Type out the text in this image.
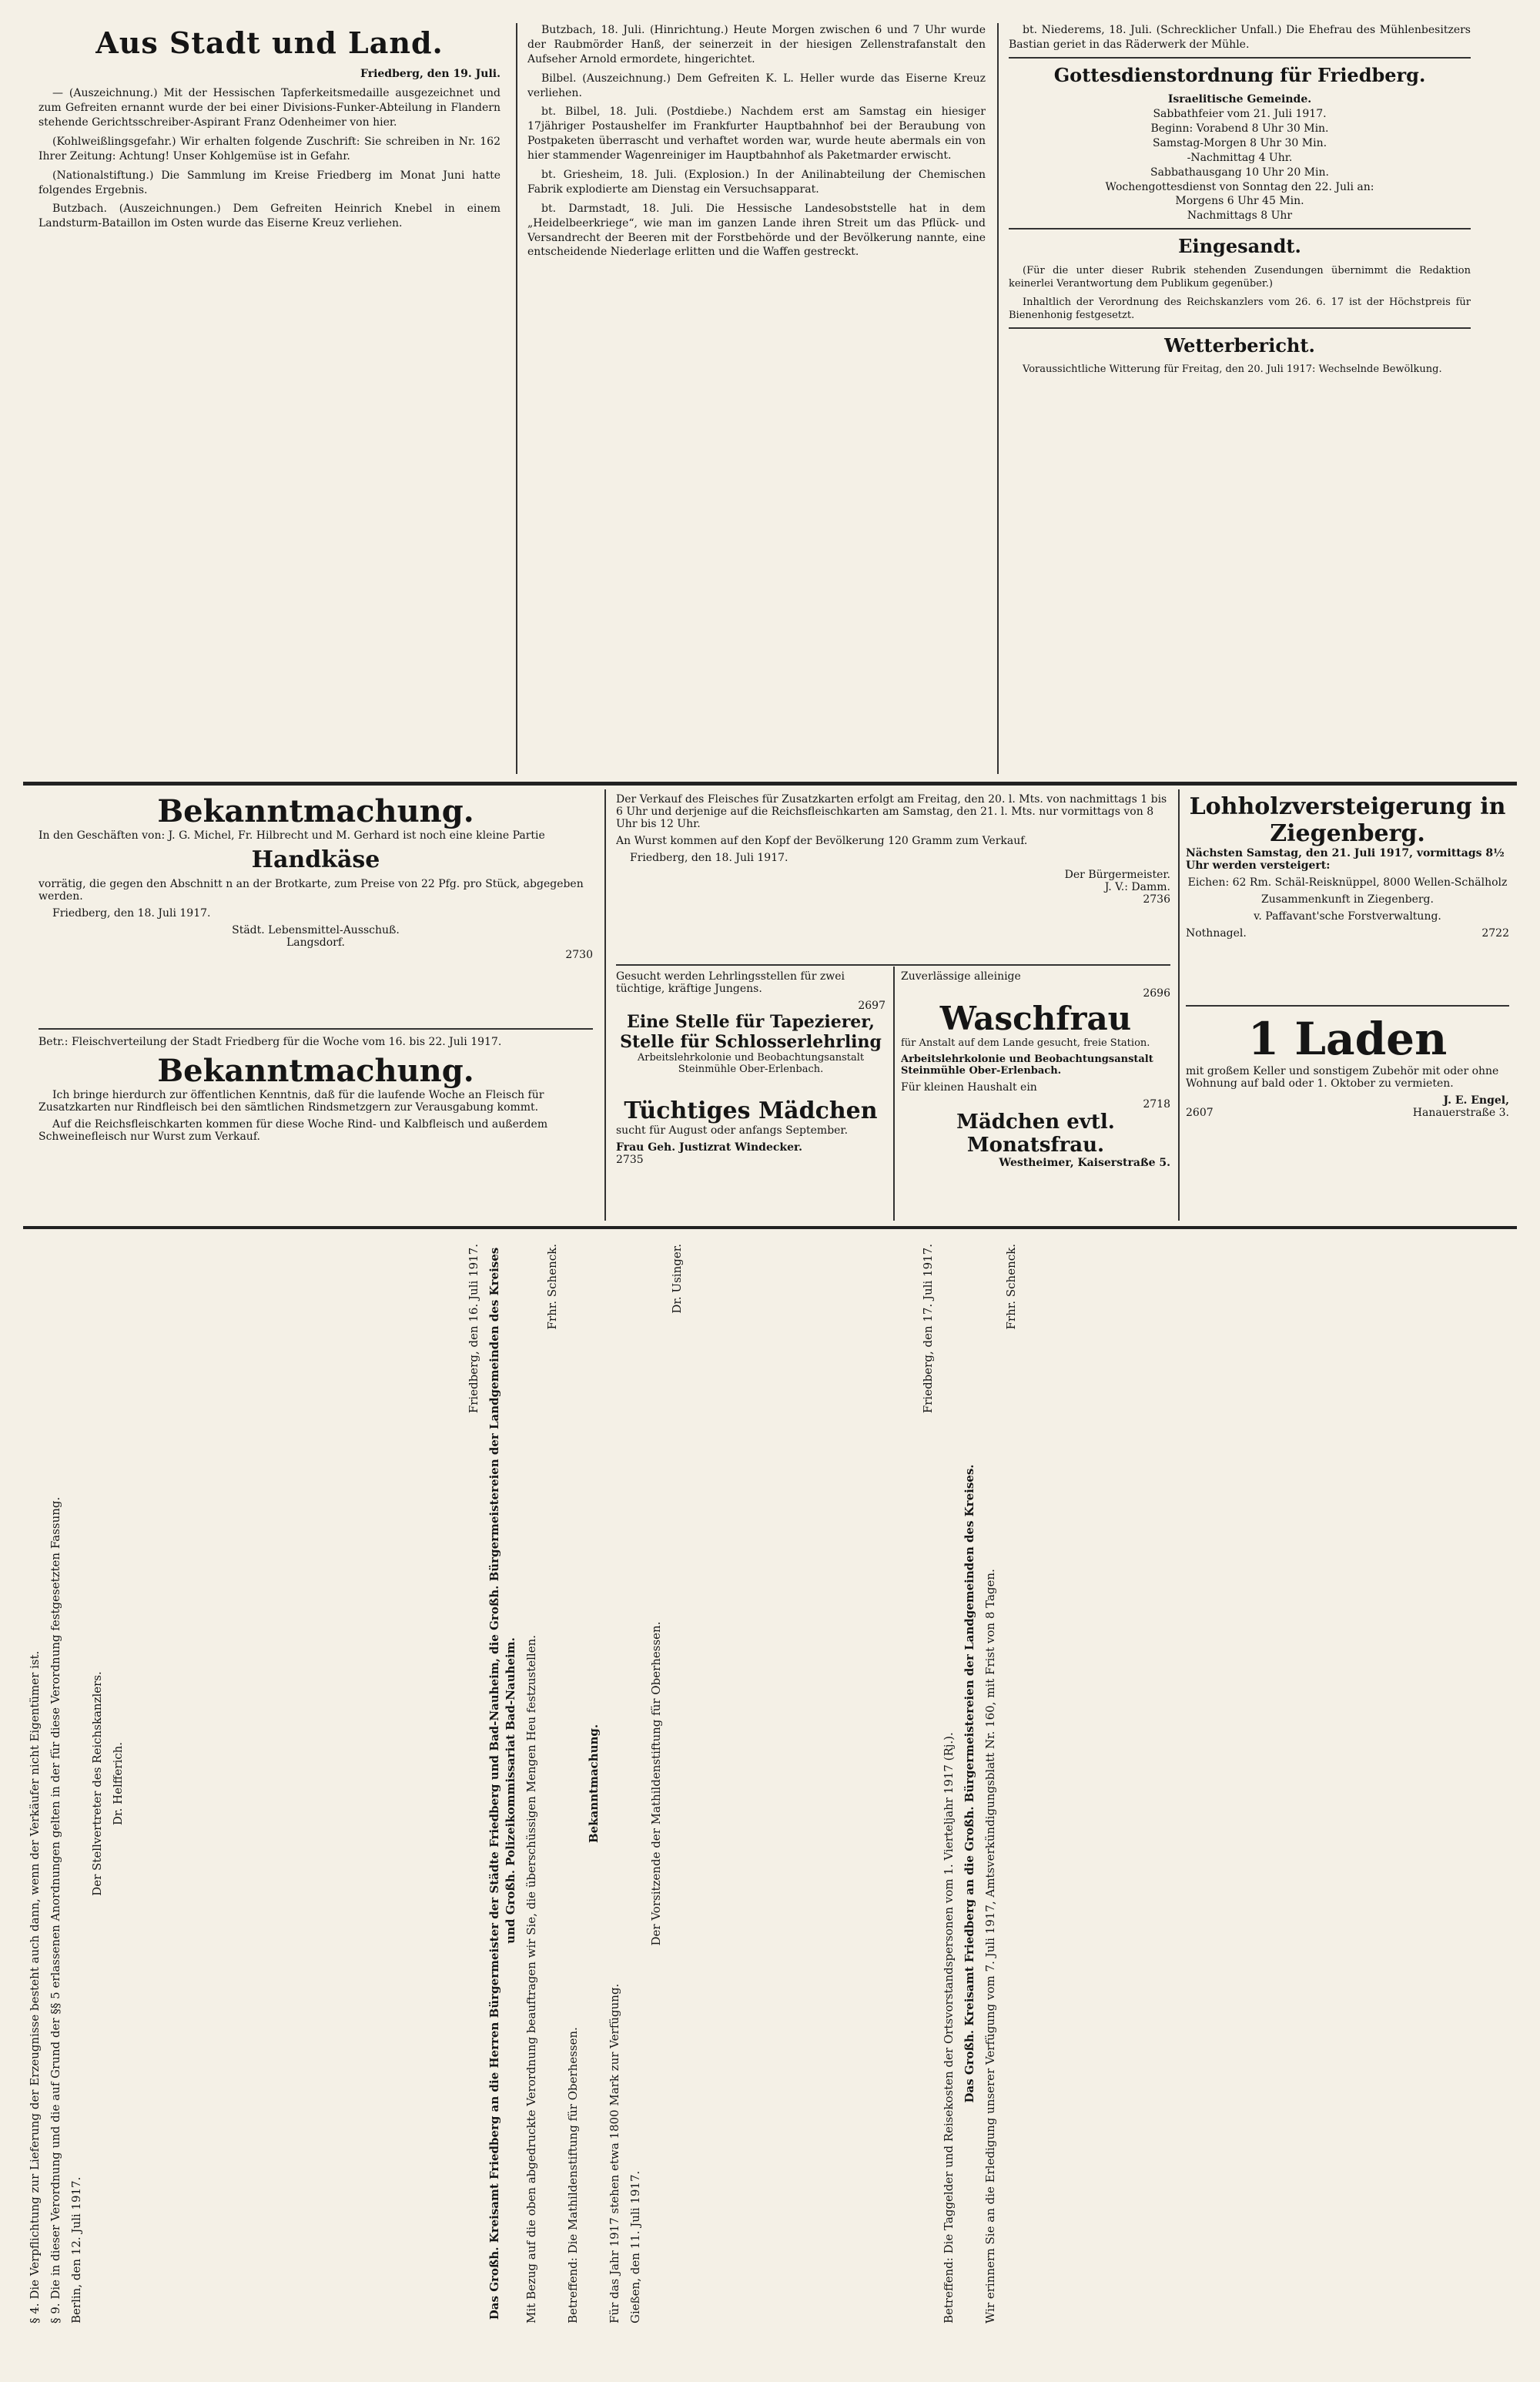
Aus Stadt und Land.

Friedberg, den 19. Juli.

— (Auszeichnung.) Mit der Hessischen Tapferkeitsmedaille ausgezeichnet und zum Gefreiten ernannt wurde der bei einer Divisions-Funker-Abteilung in Flandern stehende Gerichtsschreiber-Aspirant Franz Odenheimer von hier.

(Kohlweißlingsgefahr.) Wir erhalten folgende Zuschrift: Sie schreiben in Nr. 162 Ihrer Zeitung: Achtung! Unser Kohlgemüse ist in Gefahr.

(Nationalstiftung.) Die Sammlung im Kreise Friedberg im Monat Juni hatte folgendes Ergebnis.

Butzbach. (Auszeichnungen.) Dem Gefreiten Heinrich Knebel in einem Landsturm-Bataillon im Osten wurde das Eiserne Kreuz verliehen.

Butzbach, 18. Juli. (Hinrichtung.) Heute Morgen zwischen 6 und 7 Uhr wurde der Raubmörder Hanß, der seinerzeit in der hiesigen Zellenstrafanstalt den Aufseher Arnold ermordete, hingerichtet.

Bilbel. (Auszeichnung.) Dem Gefreiten K. L. Heller wurde das Eiserne Kreuz verliehen.

bt. Bilbel, 18. Juli. (Postdiebe.) Nachdem erst am Samstag ein hiesiger 17jähriger Postaushelfer im Frankfurter Hauptbahnhof bei der Beraubung von Postpaketen überrascht und verhaftet worden war, wurde heute abermals ein von hier stammender Wagenreiniger im Hauptbahnhof als Paketmarder erwischt.

bt. Griesheim, 18. Juli. (Explosion.) In der Anilinabteilung der Chemischen Fabrik explodierte am Dienstag ein Versuchsapparat.

bt. Darmstadt, 18. Juli. Die Hessische Landesobststelle hat in dem „Heidelbeerkriege“, wie man im ganzen Lande ihren Streit um das Pflück- und Versandrecht der Beeren mit der Forstbehörde und der Bevölkerung nannte, eine entscheidende Niederlage erlitten und die Waffen gestreckt.

bt. Niederems, 18. Juli. (Schrecklicher Unfall.) Die Ehefrau des Mühlenbesitzers Bastian geriet in das Räderwerk der Mühle.

Gottesdienstordnung für Friedberg.
Israelitische Gemeinde.
Sabbathfeier vom 21. Juli 1917.
Beginn: Vorabend 8 Uhr 30 Min.
Samstag-Morgen 8 Uhr 30 Min.
-Nachmittag 4 Uhr.
Sabbathausgang 10 Uhr 20 Min.
Wochengottesdienst von Sonntag den 22. Juli an:
Morgens 6 Uhr 45 Min.
Nachmittags 8 Uhr
Eingesandt.

(Für die unter dieser Rubrik stehenden Zusendungen übernimmt die Redaktion keinerlei Verantwortung dem Publikum gegenüber.)

Inhaltlich der Verordnung des Reichskanzlers vom 26. 6. 17 ist der Höchstpreis für Bienenhonig festgesetzt.

Wetterbericht.

Voraussichtliche Witterung für Freitag, den 20. Juli 1917: Wechselnde Bewölkung.

Bekanntmachung.

In den Geschäften von: J. G. Michel, Fr. Hilbrecht und M. Gerhard ist noch eine kleine Partie

Handkäse

vorrätig, die gegen den Abschnitt n an der Brotkarte, zum Preise von 22 Pfg. pro Stück, abgegeben werden.

Friedberg, den 18. Juli 1917.

Städt. Lebensmittel-Ausschuß.
Langsdorf.
2730

Betr.: Fleischverteilung der Stadt Friedberg für die Woche vom 16. bis 22. Juli 1917.

Bekanntmachung.

Ich bringe hierdurch zur öffentlichen Kenntnis, daß für die laufende Woche an Fleisch für Zusatzkarten nur Rindfleisch bei den sämtlichen Rindsmetzgern zur Verausgabung kommt.

Auf die Reichsfleischkarten kommen für diese Woche Rind- und Kalbfleisch und außerdem Schweinefleisch nur Wurst zum Verkauf.

Der Verkauf des Fleisches für Zusatzkarten erfolgt am Freitag, den 20. l. Mts. von nachmittags 1 bis 6 Uhr und derjenige auf die Reichsfleischkarten am Samstag, den 21. l. Mts. nur vormittags von 8 Uhr bis 12 Uhr.

An Wurst kommen auf den Kopf der Bevölkerung 120 Gramm zum Verkauf.

Friedberg, den 18. Juli 1917.

Der Bürgermeister.
J. V.: Damm.
2736

Gesucht werden Lehrlingsstellen für zwei tüchtige, kräftige Jungens.

2697
Eine Stelle für Tapezierer, Stelle für Schlosserlehrling

Arbeitslehrkolonie und Beobachtungsanstalt Steinmühle Ober-Erlenbach.

Tüchtiges Mädchen

sucht für August oder anfangs September.

Frau Geh. Justizrat Windecker.
2735

Zuverlässige alleinige

2696
Waschfrau

für Anstalt auf dem Lande gesucht, freie Station.

Arbeitslehrkolonie und Beobachtungsanstalt Steinmühle Ober-Erlenbach.

Für kleinen Haushalt ein

2718
Mädchen evtl. Monatsfrau.
Westheimer, Kaiserstraße 5.
Lohholzversteigerung in Ziegenberg.

Nächsten Samstag, den 21. Juli 1917, vormittags 8½ Uhr werden versteigert:

Eichen: 62 Rm. Schäl-Reisknüppel, 8000 Wellen-Schälholz

Zusammenkunft in Ziegenberg.

v. Paffavant'sche Forstverwaltung.

Nothnagel.	2722
1 Laden

mit großem Keller und sonstigem Zubehör mit oder ohne Wohnung auf bald oder 1. Oktober zu vermieten.

J. E. Engel,
2607	Hanauerstraße 3.

§ 4. Die Verpflichtung zur Lieferung der Erzeugnisse besteht auch dann, wenn der Verkäufer nicht Eigentümer ist. § 9. Die in dieser Verordnung und die auf Grund der §§ 5 erlassenen Anordnungen gelten in der für diese Verordnung festgesetzten Fassung. Berlin, den 12. Juli 1917.

Der Stellvertreter des Reichskanzlers. Dr. Helfferich.

Friedberg, den 16. Juli 1917. Das Großh. Kreisamt Friedberg an die Herren Bürgermeister der Städte Friedberg und Bad-Nauheim, die Großh. Bürgermeistereien der Landgemeinden des Kreises und Großh. Polizeikommissariat Bad-Nauheim. Mit Bezug auf die oben abgedruckte Verordnung beauftragen wir Sie, die überschüssigen Mengen Heu festzustellen.

Frhr. Schenck.

Betreffend: Die Mathildenstiftung für Oberhessen.

Bekanntmachung.

Für das Jahr 1917 stehen etwa 1800 Mark zur Verfügung. Gießen, den 11. Juli 1917.

Der Vorsitzende der Mathildenstiftung für Oberhessen.

Dr. Usinger.	Friedberg, den 17. Juli 1917.

Betreffend: Die Taggelder und Reisekosten der Ortsvorstandspersonen vom 1. Vierteljahr 1917 (Rj.). Das Großh. Kreisamt Friedberg an die Großh. Bürgermeistereien der Landgemeinden des Kreises. Wir erinnern Sie an die Erledigung unserer Verfügung vom 7. Juli 1917, Amtsverkündigungsblatt Nr. 160, mit Frist von 8 Tagen.

Frhr. Schenck.
